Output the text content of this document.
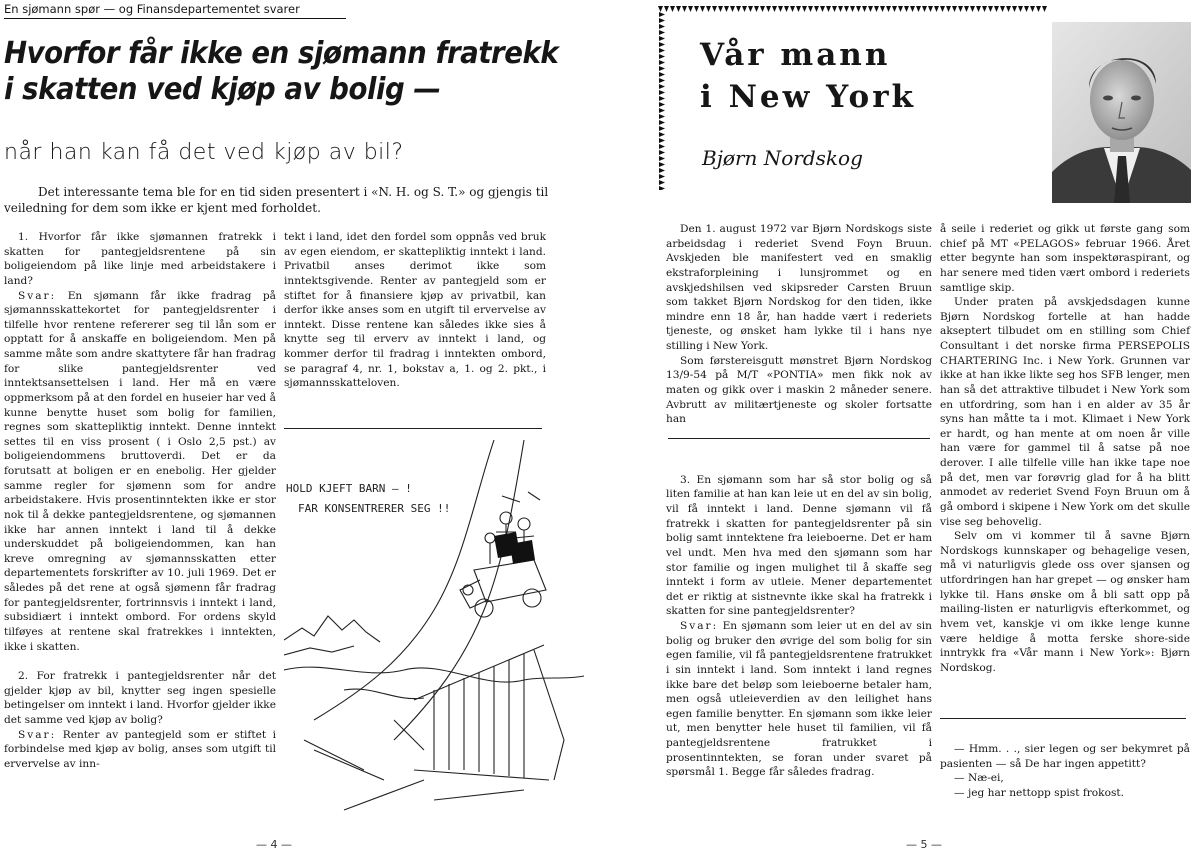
En sjømann spør — og Finansdepartementet svarer
Hvorfor får ikke en sjømann fratrekk
i skatten ved kjøp av bolig —
når han kan få det ved kjøp av bil?

Det interessante tema ble for en tid siden presentert i «N. H. og S. T.» og gjengis til veiledning for dem som ikke er kjent med forholdet.

1. Hvorfor får ikke sjømannen fratrekk i skatten for pantegjeldsrentene på sin boligeiendom på like linje med arbeidstakere i land?

Svar: En sjømann får ikke fradrag på sjømannsskattekortet for pantegjeldsrenter i tilfelle hvor rentene refererer seg til lån som er opptatt for å anskaffe en boligeiendom. Men på samme måte som andre skattytere får han fradrag for slike pantegjeldsrenter ved inntektsansettelsen i land. Her må en være oppmerksom på at den fordel en huseier har ved å kunne benytte huset som bolig for familien, regnes som skattepliktig inntekt. Denne inntekt settes til en viss prosent ( i Oslo 2,5 pst.) av boligeiendommens bruttoverdi. Det er da forutsatt at boligen er en enebolig. Her gjelder samme regler for sjømenn som for andre arbeidstakere. Hvis prosentinntekten ikke er stor nok til å dekke pantegjeldsrentene, og sjømannen ikke har annen inntekt i land til å dekke underskuddet på boligeiendommen, kan han kreve omregning av sjømannsskatten etter departementets forskrifter av 10. juli 1969. Det er således på det rene at også sjømenn får fradrag for pantegjeldsrenter, fortrinnsvis i inntekt i land, subsidiært i inntekt ombord. For ordens skyld tilføyes at rentene skal fratrekkes i inntekten, ikke i skatten.

2. For fratrekk i pantegjeldsrenter når det gjelder kjøp av bil, knytter seg ingen spesielle betingelser om inntekt i land. Hvorfor gjelder ikke det samme ved kjøp av bolig?

Svar: Renter av pantegjeld som er stiftet i forbindelse med kjøp av bolig, anses som utgift til ervervelse av inn-

tekt i land, idet den fordel som oppnås ved bruk av egen eiendom, er skattepliktig inntekt i land. Privatbil anses derimot ikke som inntektsgivende. Renter av pantegjeld som er stiftet for å finansiere kjøp av privatbil, kan derfor ikke anses som en utgift til ervervelse av inntekt. Disse rentene kan således ikke sies å knytte seg til erverv av inntekt i land, og kommer derfor til fradrag i inntekten ombord, se paragraf 4, nr. 1, bokstav a, 1. og 2. pkt., i sjømannsskatteloven.

HOLD KJEFT BARN – !
FAR KONSENTRERER SEG !!
— 4 —
Vår mann
i New York
Bjørn Nordskog

Den 1. august 1972 var Bjørn Nordskogs siste arbeidsdag i rederiet Svend Foyn Bruun. Avskjeden ble manifestert ved en smaklig ekstraforpleining i lunsjrommet og en avskjedshilsen ved skipsreder Carsten Bruun som takket Bjørn Nordskog for den tiden, ikke mindre enn 18 år, han hadde vært i rederiets tjeneste, og ønsket ham lykke til i hans nye stilling i New York.

Som førstereisgutt mønstret Bjørn Nordskog 13/9-54 på M/T «PONTIA» men fikk nok av maten og gikk over i maskin 2 måneder senere. Avbrutt av militærtjeneste og skoler fortsatte han

3. En sjømann som har så stor bolig og så liten familie at han kan leie ut en del av sin bolig, vil få inntekt i land. Denne sjømann vil få fratrekk i skatten for pantegjeldsrenter på sin bolig samt inntektene fra leieboerne. Det er ham vel undt. Men hva med den sjømann som har stor familie og ingen mulighet til å skaffe seg inntekt i form av utleie. Mener departementet det er riktig at sistnevnte ikke skal ha fratrekk i skatten for sine pantegjeldsrenter?

Svar: En sjømann som leier ut en del av sin bolig og bruker den øvrige del som bolig for sin egen familie, vil få pantegjeldsrentene fratrukket i sin inntekt i land. Som inntekt i land regnes ikke bare det beløp som leieboerne betaler ham, men også utleieverdien av den leilighet hans egen familie benytter. En sjømann som ikke leier ut, men benytter hele huset til familien, vil få pantegjeldsrentene fratrukket i prosentinntekten, se foran under svaret på spørsmål 1. Begge får således fradrag.

å seile i rederiet og gikk ut første gang som chief på MT «PELAGOS» februar 1966. Året etter begynte han som inspektøraspirant, og har senere med tiden vært ombord i rederiets samtlige skip.

Under praten på avskjedsdagen kunne Bjørn Nordskog fortelle at han hadde akseptert tilbudet om en stilling som Chief Consultant i det norske firma PERSEPOLIS CHARTERING Inc. i New York. Grunnen var ikke at han ikke likte seg hos SFB lenger, men han så det attraktive tilbudet i New York som en utfordring, som han i en alder av 35 år syns han måtte ta i mot. Klimaet i New York er hardt, og han mente at om noen år ville han være for gammel til å satse på noe derover. I alle tilfelle ville han ikke tape noe på det, men var forøvrig glad for å ha blitt anmodet av rederiet Svend Foyn Bruun om å gå ombord i skipene i New York om det skulle vise seg behovelig.

Selv om vi kommer til å savne Bjørn Nordskogs kunnskaper og behagelige vesen, må vi naturligvis glede oss over sjansen og utfordringen han har grepet — og ønsker ham lykke til. Hans ønske om å bli satt opp på mailing-listen er naturligvis efterkommet, og hvem vet, kanskje vi om ikke lenge kunne være heldige å motta ferske shore-side inntrykk fra «Vår mann i New York»: Bjørn Nordskog.

— Hmm. . ., sier legen og ser bekymret på pasienten — så De har ingen appetitt?

— Næ-ei,

— jeg har nettopp spist frokost.

— 5 —
